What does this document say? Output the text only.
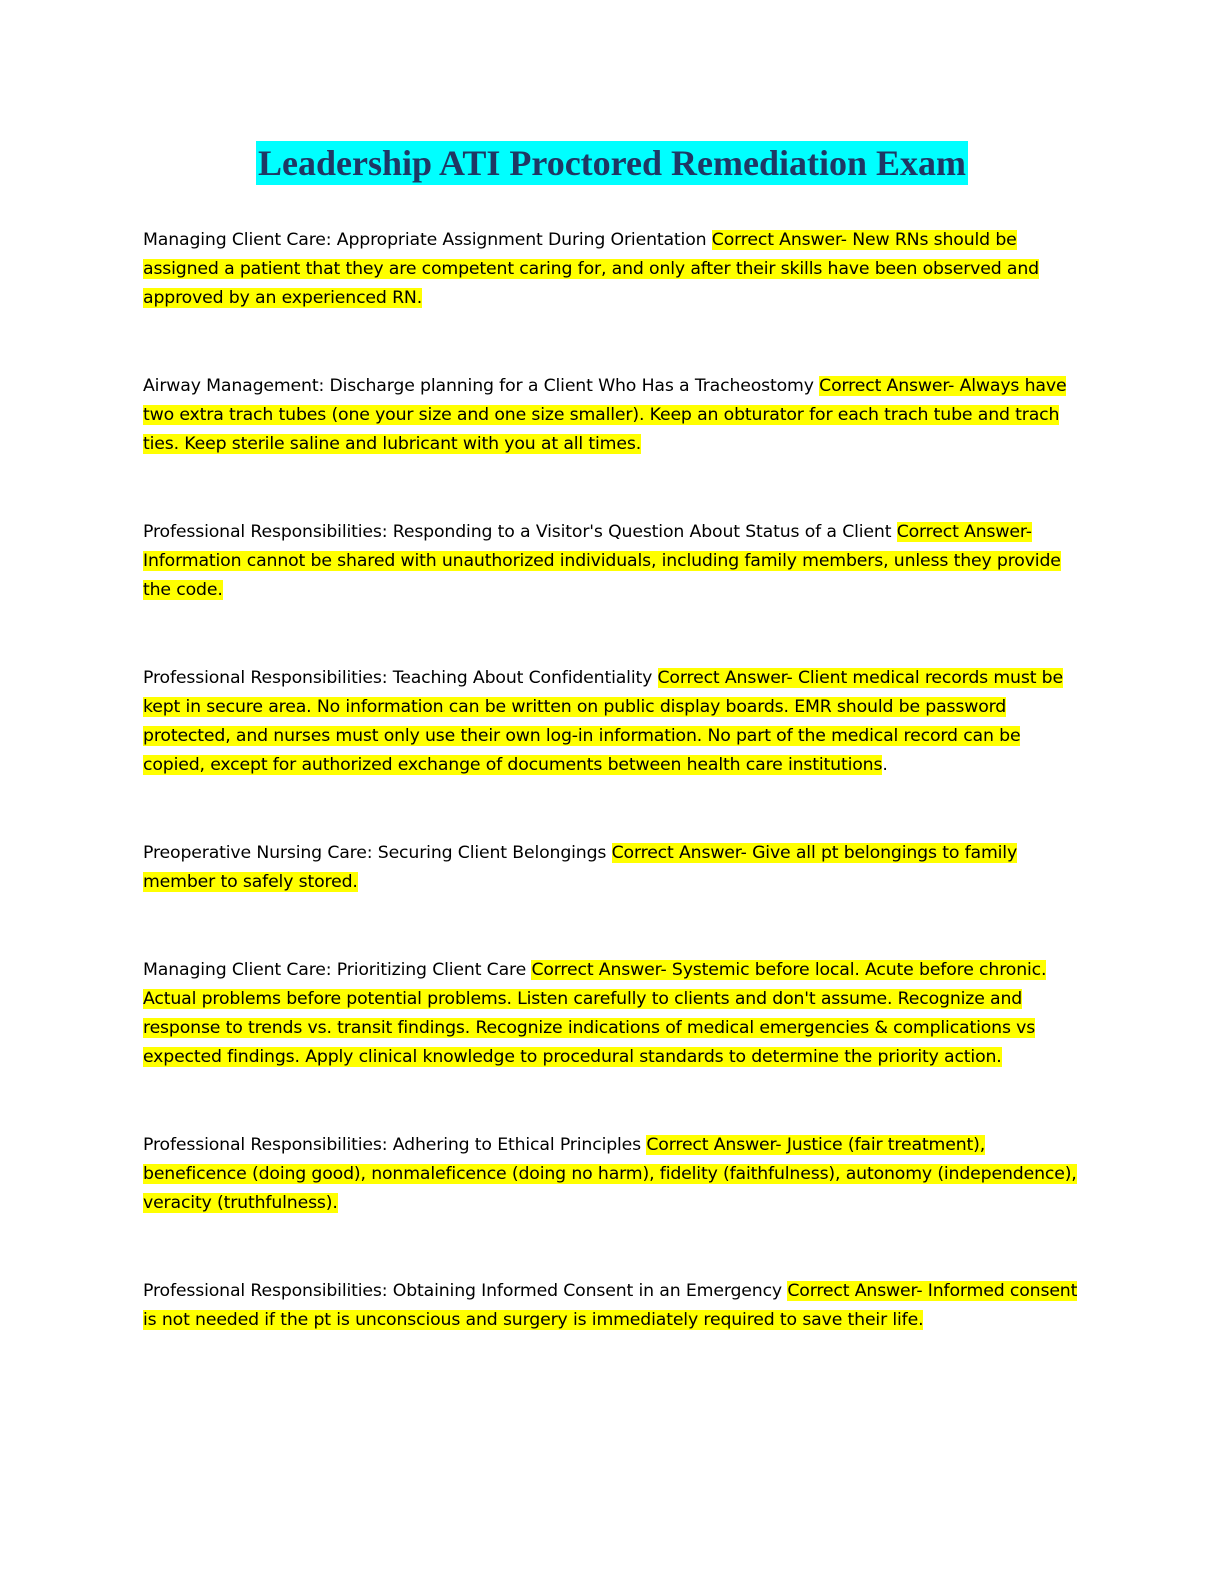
Leadership ATI Proctored Remediation Exam
Managing Client Care: Appropriate Assignment During Orientation Correct Answer- New RNs should be assigned a patient that they are competent caring for, and only after their skills have been observed and approved by an experienced RN.
Airway Management: Discharge planning for a Client Who Has a Tracheostomy Correct Answer- Always have two extra trach tubes (one your size and one size smaller). Keep an obturator for each trach tube and trach ties. Keep sterile saline and lubricant with you at all times.
Professional Responsibilities: Responding to a Visitor's Question About Status of a Client Correct Answer- Information cannot be shared with unauthorized individuals, including family members, unless they provide the code.
Professional Responsibilities: Teaching About Confidentiality Correct Answer- Client medical records must be kept in secure area. No information can be written on public display boards. EMR should be password protected, and nurses must only use their own log-in information. No part of the medical record can be copied, except for authorized exchange of documents between health care institutions.
Preoperative Nursing Care: Securing Client Belongings Correct Answer- Give all pt belongings to family member to safely stored.
Managing Client Care: Prioritizing Client Care Correct Answer- Systemic before local. Acute before chronic. Actual problems before potential problems. Listen carefully to clients and don't assume. Recognize and response to trends vs. transit findings. Recognize indications of medical emergencies & complications vs expected findings. Apply clinical knowledge to procedural standards to determine the priority action.
Professional Responsibilities: Adhering to Ethical Principles Correct Answer- Justice (fair treatment), beneficence (doing good), nonmaleficence (doing no harm), fidelity (faithfulness), autonomy (independence), veracity (truthfulness).
Professional Responsibilities: Obtaining Informed Consent in an Emergency Correct Answer- Informed consent is not needed if the pt is unconscious and surgery is immediately required to save their life.
